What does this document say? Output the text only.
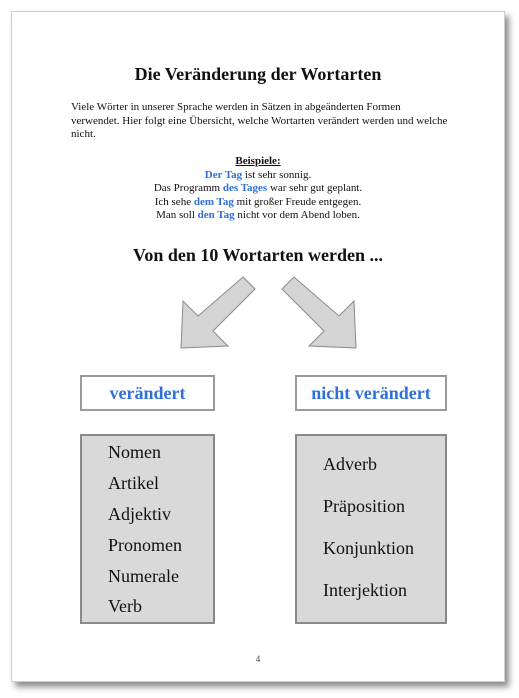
Die Veränderung der Wortarten
Viele Wörter in unserer Sprache werden in Sätzen in abgeänderten Formen verwendet. Hier folgt eine Übersicht, welche Wortarten verändert werden und welche nicht.
Beispiele:
Der Tag ist sehr sonnig.
Das Programm des Tages war sehr gut geplant.
Ich sehe dem Tag mit großer Freude entgegen.
Man soll den Tag nicht vor dem Abend loben.
Von den 10 Wortarten werden ...
verändert	nicht verändert
Nomen
Artikel
Adjektiv
Pronomen
Numerale
Verb
Adverb
Präposition
Konjunktion
Interjektion
4
